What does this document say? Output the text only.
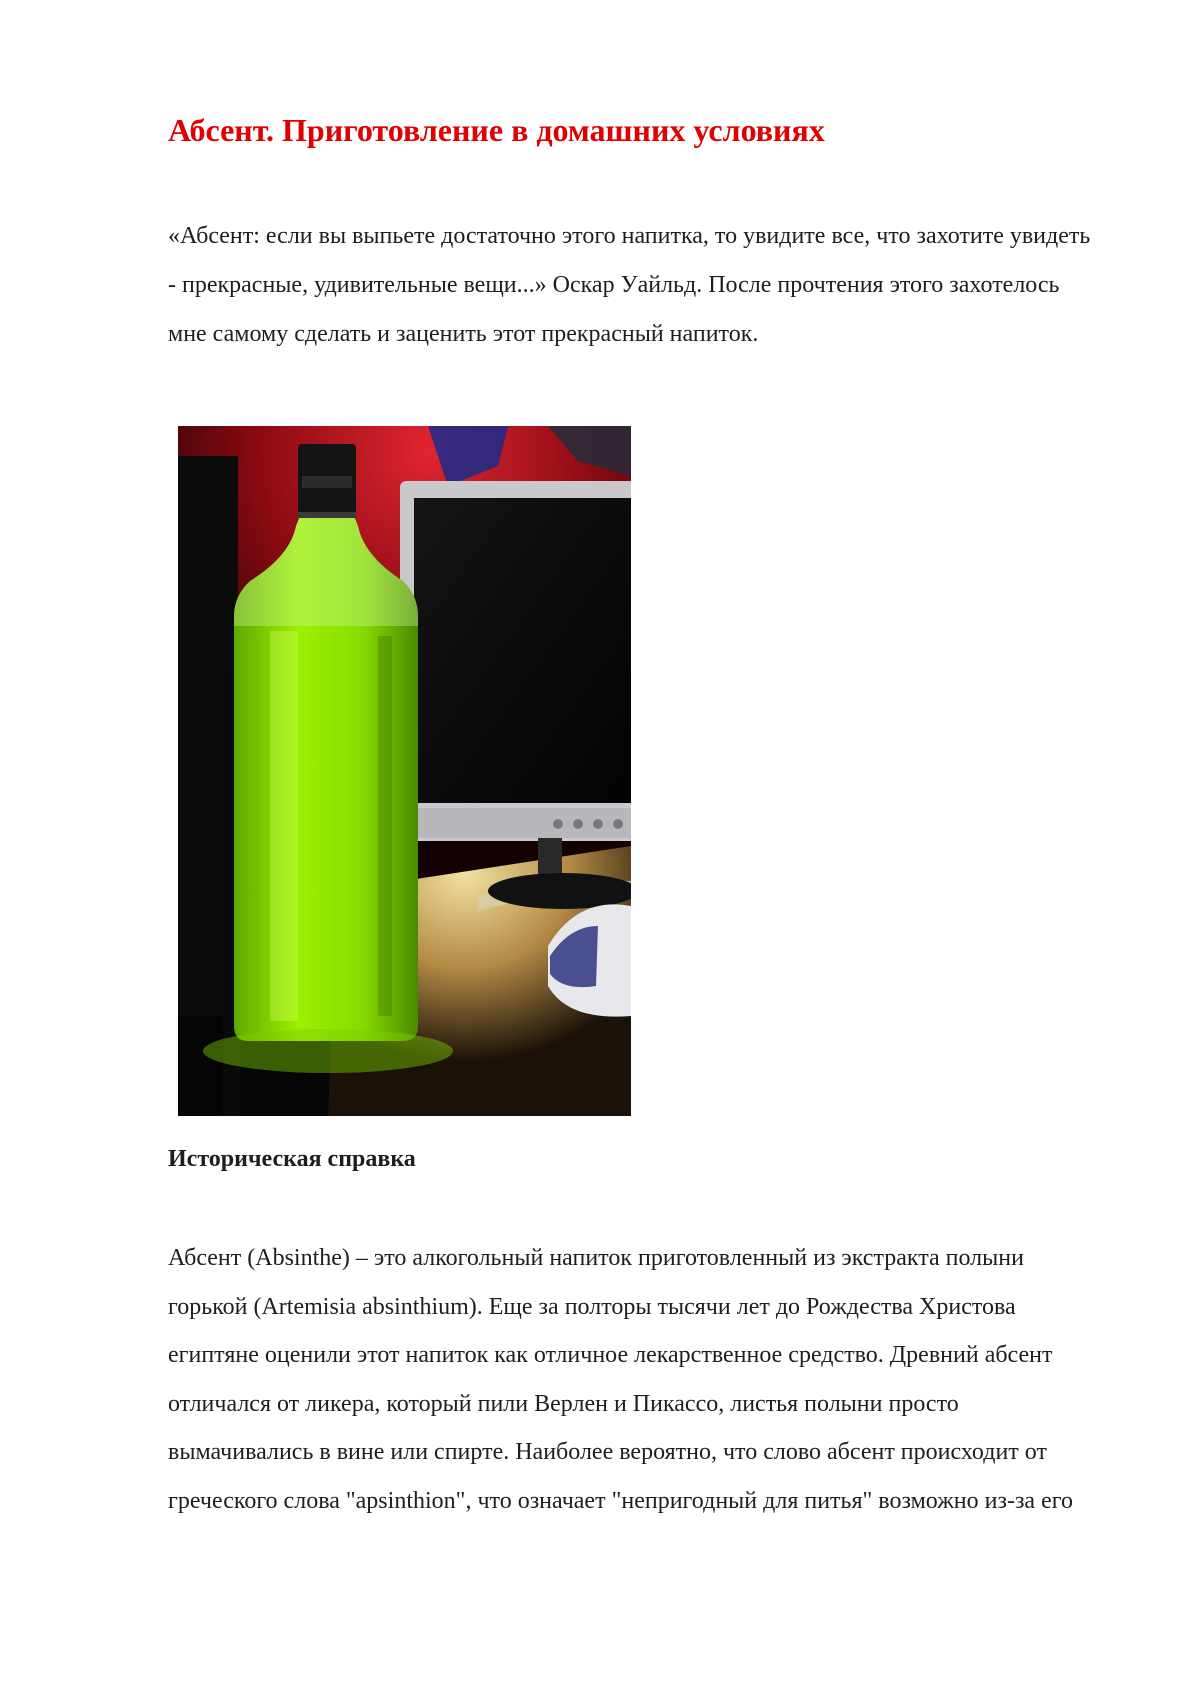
Абсент. Приготовление в домашних условиях

«Абсент: если вы выпьете достаточно этого напитка, то увидите все, что захотите увидеть - прекрасные, удивительные вещи...» Оскар Уайльд. После прочтения этого захотелось мне самому сделать и заценить этот прекрасный напиток.

Историческая справка

Абсент (Absinthe) – это алкогольный напиток приготовленный из экстракта полыни горькой (Artemisia absinthium). Еще за полторы тысячи лет до Рождества Христова египтяне оценили этот напиток как отличное лекарственное средство. Древний абсент отличался от ликера, который пили Верлен и Пикассо, листья полыни просто вымачивались в вине или спирте. Наиболее вероятно, что слово абсент происходит от греческого слова "apsinthion", что означает "непригодный для питья" возможно из-за его
